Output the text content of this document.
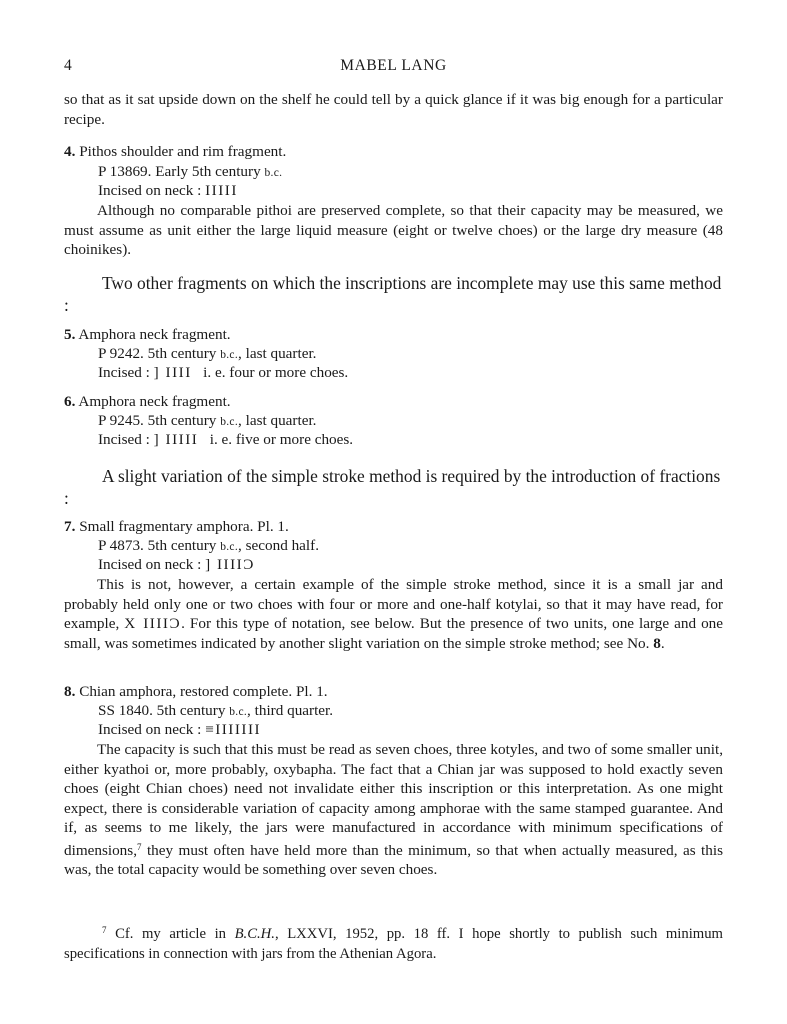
4	MABEL LANG

so that as it sat upside down on the shelf he could tell by a quick glance if it was big enough for a particular recipe.

4. Pithos shoulder and rim fragment.
P 13869. Early 5th century b.c.
Incised on neck : IIIII

Although no comparable pithoi are preserved complete, so that their capacity may be measured, we must assume as unit either the large liquid measure (eight or twelve choes) or the large dry measure (48 choinikes).

Two other fragments on which the inscriptions are incomplete may use this same method :

5. Amphora neck fragment.
P 9242. 5th century b.c., last quarter.
Incised : ] IIII i. e. four or more choes.
6. Amphora neck fragment.
P 9245. 5th century b.c., last quarter.
Incised : ] IIIII i. e. five or more choes.

A slight variation of the simple stroke method is required by the introduction of fractions :

7. Small fragmentary amphora. Pl. 1.
P 4873. 5th century b.c., second half.
Incised on neck : ] IIIIƆ

This is not, however, a certain example of the simple stroke method, since it is a small jar and probably held only one or two choes with four or more and one-half kotylai, so that it may have read, for example, X IIIIƆ. For this type of notation, see below. But the presence of two units, one large and one small, was sometimes indicated by another slight variation on the simple stroke method; see No. 8.

8. Chian amphora, restored complete. Pl. 1.
SS 1840. 5th century b.c., third quarter.
Incised on neck : ≡IIIIIII

The capacity is such that this must be read as seven choes, three kotyles, and two of some smaller unit, either kyathoi or, more probably, oxybapha. The fact that a Chian jar was supposed to hold exactly seven choes (eight Chian choes) need not invalidate either this inscription or this interpretation. As one might expect, there is considerable variation of capacity among amphorae with the same stamped guarantee. And if, as seems to me likely, the jars were manufactured in accordance with minimum specifications of dimensions,$^7$ they must often have held more than the minimum, so that when actually measured, as this was, the total capacity would be something over seven choes.

$^7$ Cf. my article in B.C.H., LXXVI, 1952, pp. 18 ff. I hope shortly to publish such minimum specifications in connection with jars from the Athenian Agora.
